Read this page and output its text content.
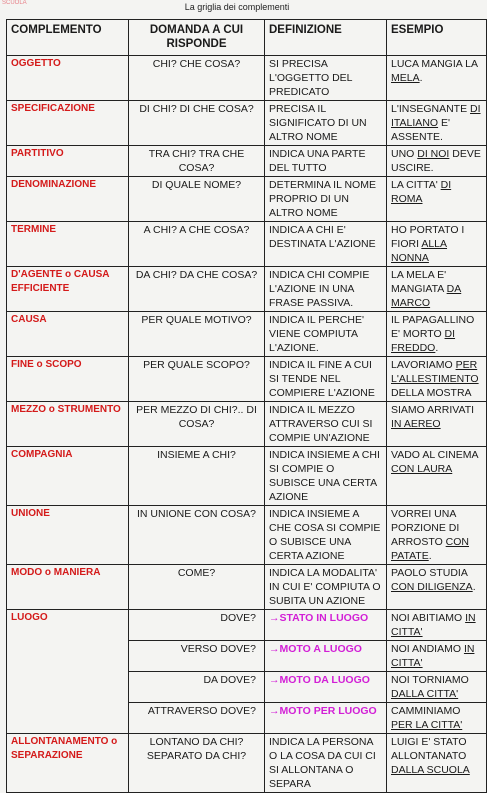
SCUOLA	La griglia dei complementi
COMPLEMENTO	DOMANDA A CUI RISPONDE	DEFINIZIONE	ESEMPIO
OGGETTO	CHI? CHE COSA?	SI PRECISA L'OGGETTO DEL PREDICATO	LUCA MANGIA LA MELA.
SPECIFICAZIONE	DI CHI? DI CHE COSA?	PRECISA IL SIGNIFICATO DI UN ALTRO NOME	L'INSEGNANTE DI ITALIANO E' ASSENTE.
PARTITIVO	TRA CHI? TRA CHE COSA?	INDICA UNA PARTE DEL TUTTO	UNO DI NOI DEVE USCIRE.
DENOMINAZIONE	DI QUALE NOME?	DETERMINA IL NOME PROPRIO DI UN ALTRO NOME	LA CITTA' DI ROMA
TERMINE	A CHI? A CHE COSA?	INDICA A CHI E' DESTINATA L'AZIONE	HO PORTATO I FIORI ALLA NONNA
D'AGENTE o CAUSA EFFICIENTE	DA CHI? DA CHE COSA?	INDICA CHI COMPIE L'AZIONE IN UNA FRASE PASSIVA.	LA MELA E' MANGIATA DA MARCO
CAUSA	PER QUALE MOTIVO?	INDICA IL PERCHE' VIENE COMPIUTA L'AZIONE.	IL PAPAGALLINO E' MORTO DI FREDDO.
FINE o SCOPO	PER QUALE SCOPO?	INDICA IL FINE A CUI SI TENDE NEL COMPIERE L'AZIONE	LAVORIAMO PER L'ALLESTIMENTO DELLA MOSTRA
MEZZO o STRUMENTO	PER MEZZO DI CHI?.. DI COSA?	INDICA IL MEZZO ATTRAVERSO CUI SI COMPIE UN'AZIONE	SIAMO ARRIVATI IN AEREO
COMPAGNIA	INSIEME A CHI?	INDICA INSIEME A CHI SI COMPIE O SUBISCE UNA CERTA AZIONE	VADO AL CINEMA CON LAURA
UNIONE	IN UNIONE CON COSA?	INDICA INSIEME A CHE COSA SI COMPIE O SUBISCE UNA CERTA AZIONE	VORREI UNA PORZIONE DI ARROSTO CON PATATE.
MODO o MANIERA	COME?	INDICA LA MODALITA' IN CUI E' COMPIUTA O SUBITA UN AZIONE	PAOLO STUDIA CON DILIGENZA.
LUOGO	DOVE?	→STATO IN LUOGO	NOI ABITIAMO IN CITTA'
	VERSO DOVE?	→MOTO A LUOGO	NOI ANDIAMO IN CITTA'
	DA DOVE?	→MOTO DA LUOGO	NOI TORNIAMO DALLA CITTA'
	ATTRAVERSO DOVE?	→MOTO PER LUOGO	CAMMINIAMO PER LA CITTA'
ALLONTANAMENTO o SEPARAZIONE	LONTANO DA CHI? SEPARATO DA CHI?	INDICA LA PERSONA O LA COSA DA CUI CI SI ALLONTANA O SEPARA	LUIGI E' STATO ALLONTANATO DALLA SCUOLA
